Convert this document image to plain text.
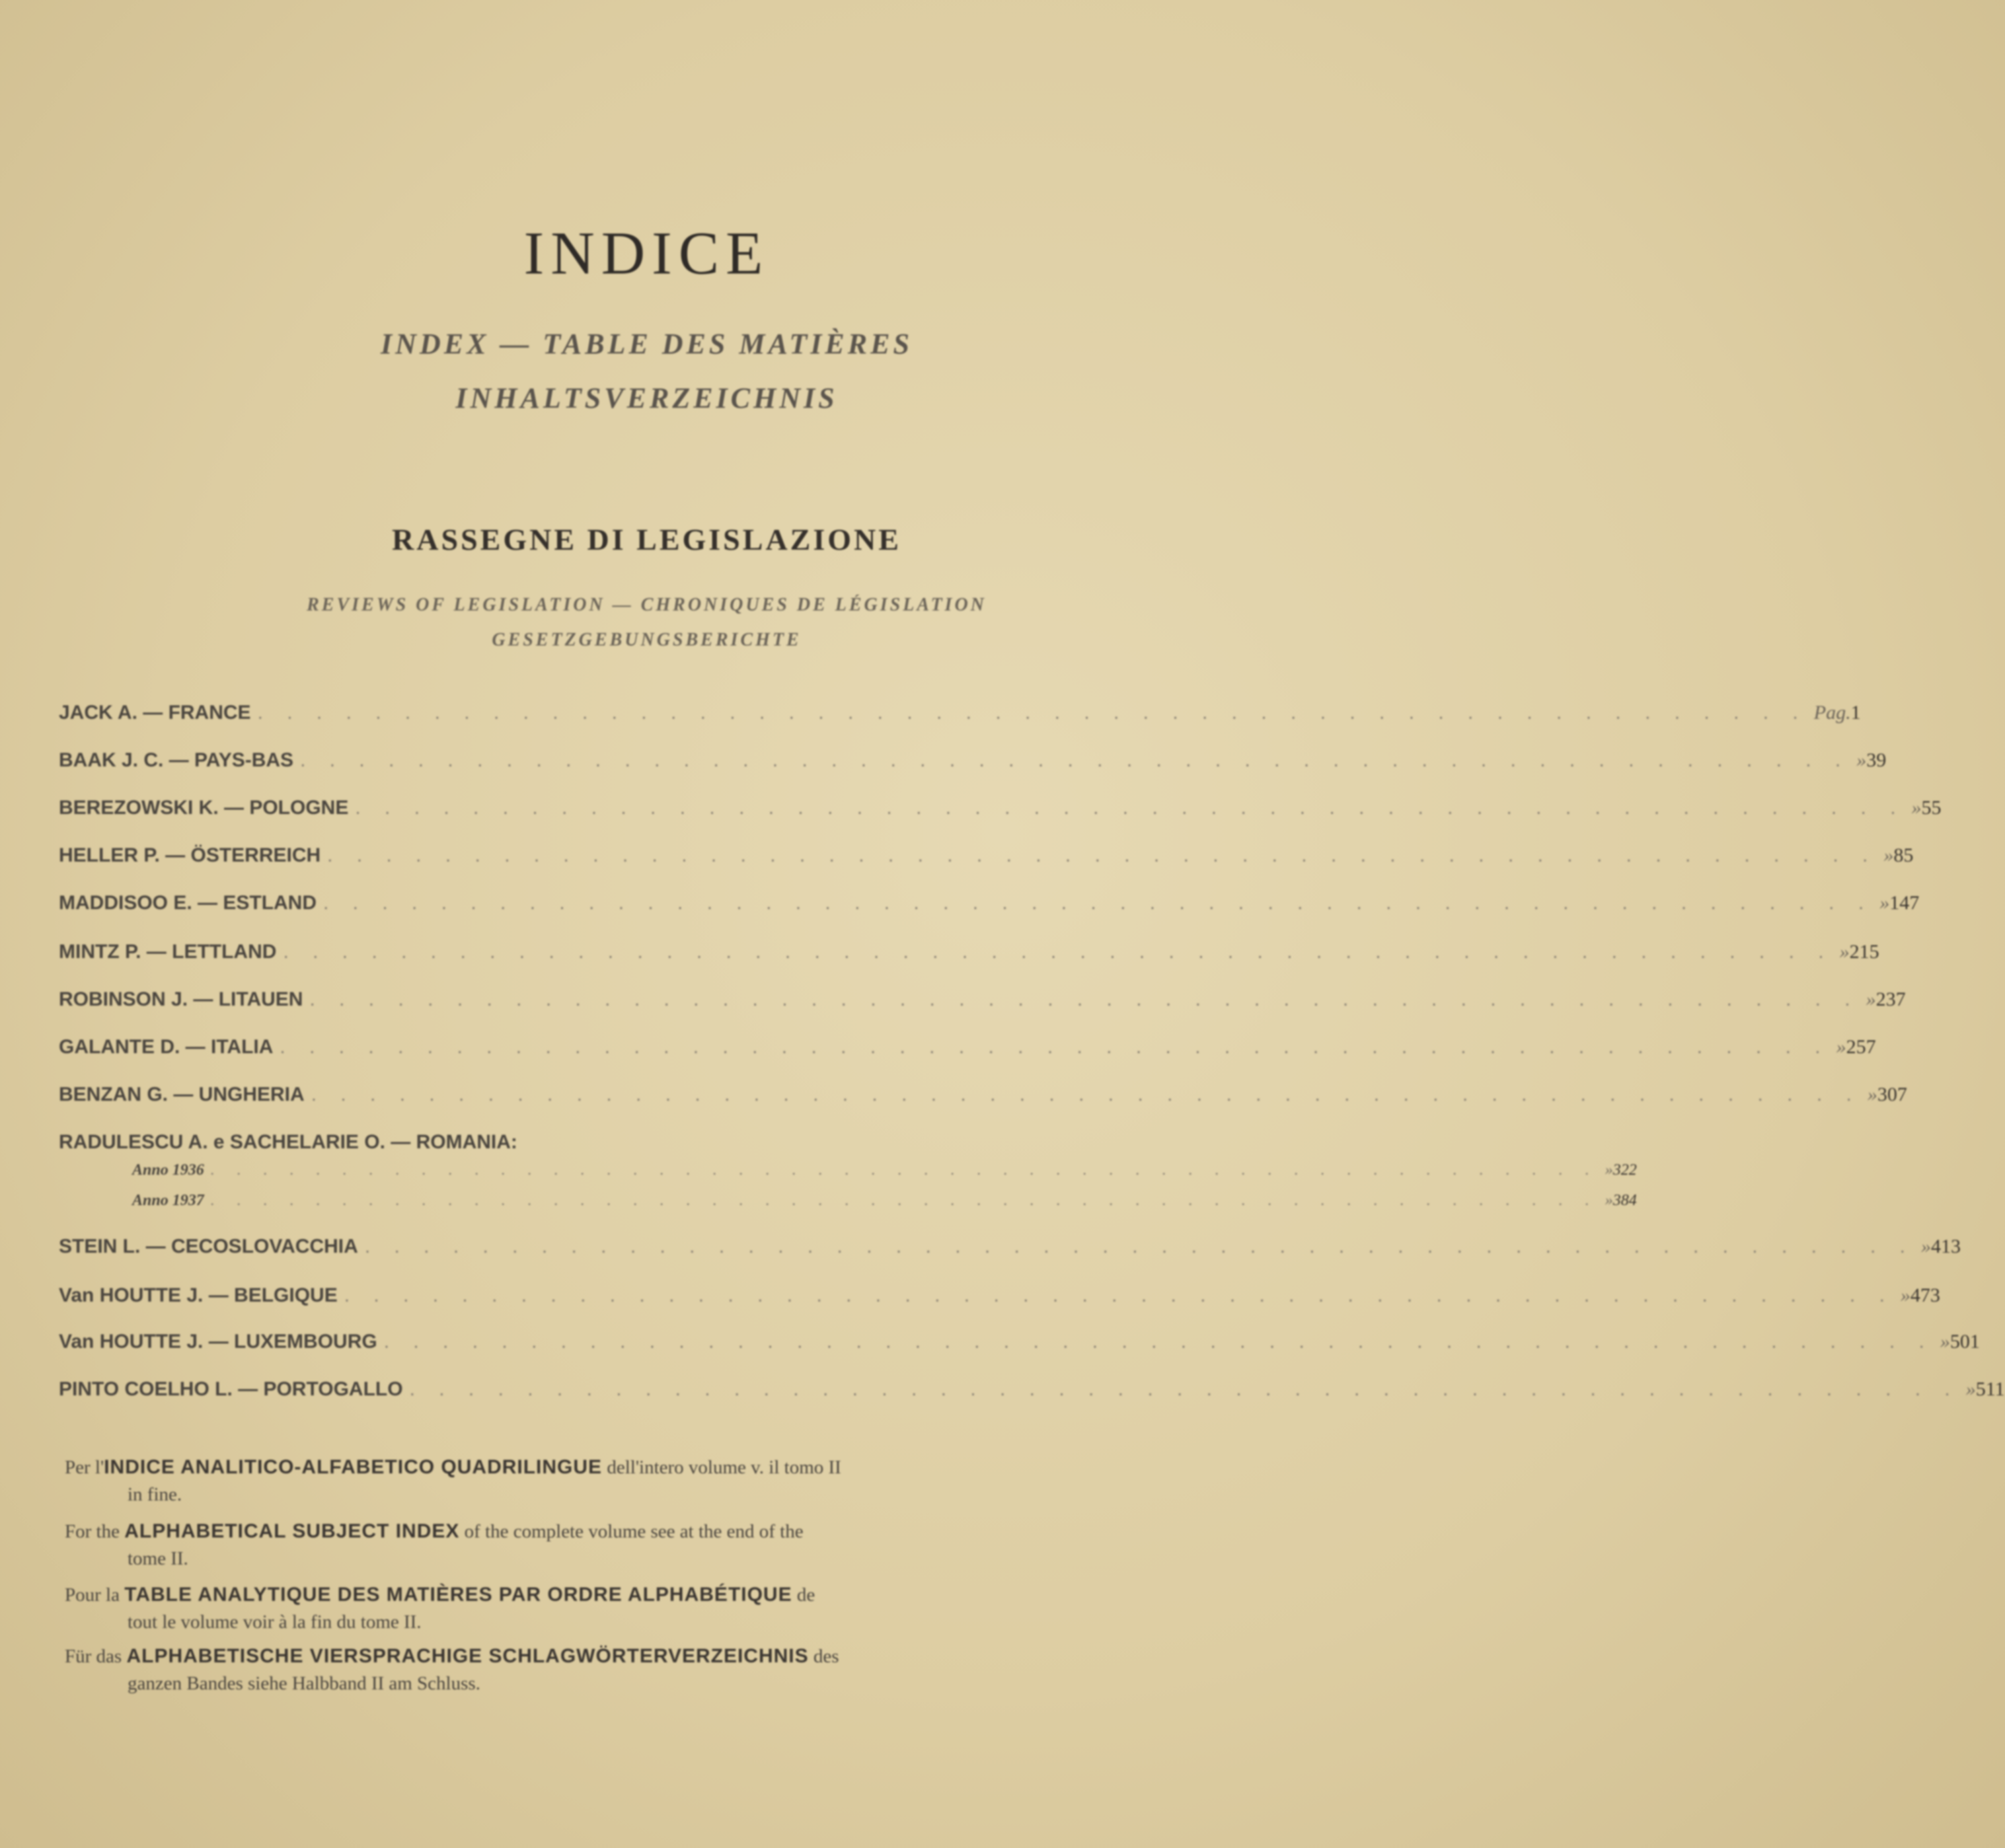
INDICE
INDEX — TABLE DES MATIÈRES
INHALTSVERZEICHNIS
RASSEGNE DI LEGISLAZIONE
REVIEWS OF LEGISLATION — CHRONIQUES DE LÉGISLATION
GESETZGEBUNGSBERICHTE
JACK A. — FRANCE . . . . . . . . . . . . . . . . . . . . . . . . . . . . . . . . . . . . . . . . . . . . . . . . . . . . . Pag. 1
BAAK J. C. — PAYS-BAS . . . . . . . . . . . . . . . . . . . . . . . . . . . . . . . . . . . . . . . . . . . . . . . . . . . . . » 39
BEREZOWSKI K. — POLOGNE . . . . . . . . . . . . . . . . . . . . . . . . . . . . . . . . . . . . . . . . . . . . . . . . . . . . . » 55
HELLER P. — ÖSTERREICH . . . . . . . . . . . . . . . . . . . . . . . . . . . . . . . . . . . . . . . . . . . . . . . . . . . . . » 85
MADDISOO E. — ESTLAND . . . . . . . . . . . . . . . . . . . . . . . . . . . . . . . . . . . . . . . . . . . . . . . . . . . . . » 147
MINTZ P. — LETTLAND . . . . . . . . . . . . . . . . . . . . . . . . . . . . . . . . . . . . . . . . . . . . . . . . . . . . . » 215
ROBINSON J. — LITAUEN . . . . . . . . . . . . . . . . . . . . . . . . . . . . . . . . . . . . . . . . . . . . . . . . . . . . . » 237
GALANTE D. — ITALIA . . . . . . . . . . . . . . . . . . . . . . . . . . . . . . . . . . . . . . . . . . . . . . . . . . . . . » 257
BENZAN G. — UNGHERIA . . . . . . . . . . . . . . . . . . . . . . . . . . . . . . . . . . . . . . . . . . . . . . . . . . . . . » 307
RADULESCU A. e SACHELARIE O. — ROMANIA:
Anno 1936 . . . . . . . . . . . . . . . . . . . . . . . . . . . . . . . . . . . . . . . . . . . . . . . . . . . . . » 322
Anno 1937 . . . . . . . . . . . . . . . . . . . . . . . . . . . . . . . . . . . . . . . . . . . . . . . . . . . . . » 384
STEIN L. — CECOSLOVACCHIA . . . . . . . . . . . . . . . . . . . . . . . . . . . . . . . . . . . . . . . . . . . . . . . . . . . . . » 413
Van HOUTTE J. — BELGIQUE . . . . . . . . . . . . . . . . . . . . . . . . . . . . . . . . . . . . . . . . . . . . . . . . . . . . . » 473
Van HOUTTE J. — LUXEMBOURG . . . . . . . . . . . . . . . . . . . . . . . . . . . . . . . . . . . . . . . . . . . . . . . . . . . . . » 501
PINTO COELHO L. — PORTOGALLO . . . . . . . . . . . . . . . . . . . . . . . . . . . . . . . . . . . . . . . . . . . . . . . . . . . . . » 511
Per l'INDICE ANALITICO-ALFABETICO QUADRILINGUE dell'intero volume v. il tomo II
in fine.
For the ALPHABETICAL SUBJECT INDEX of the complete volume see at the end of the
tome II.
Pour la TABLE ANALYTIQUE DES MATIÈRES PAR ORDRE ALPHABÉTIQUE de
tout le volume voir à la fin du tome II.
Für das ALPHABETISCHE VIERSPRACHIGE SCHLAGWÖRTERVERZEICHNIS des
ganzen Bandes siehe Halbband II am Schluss.
